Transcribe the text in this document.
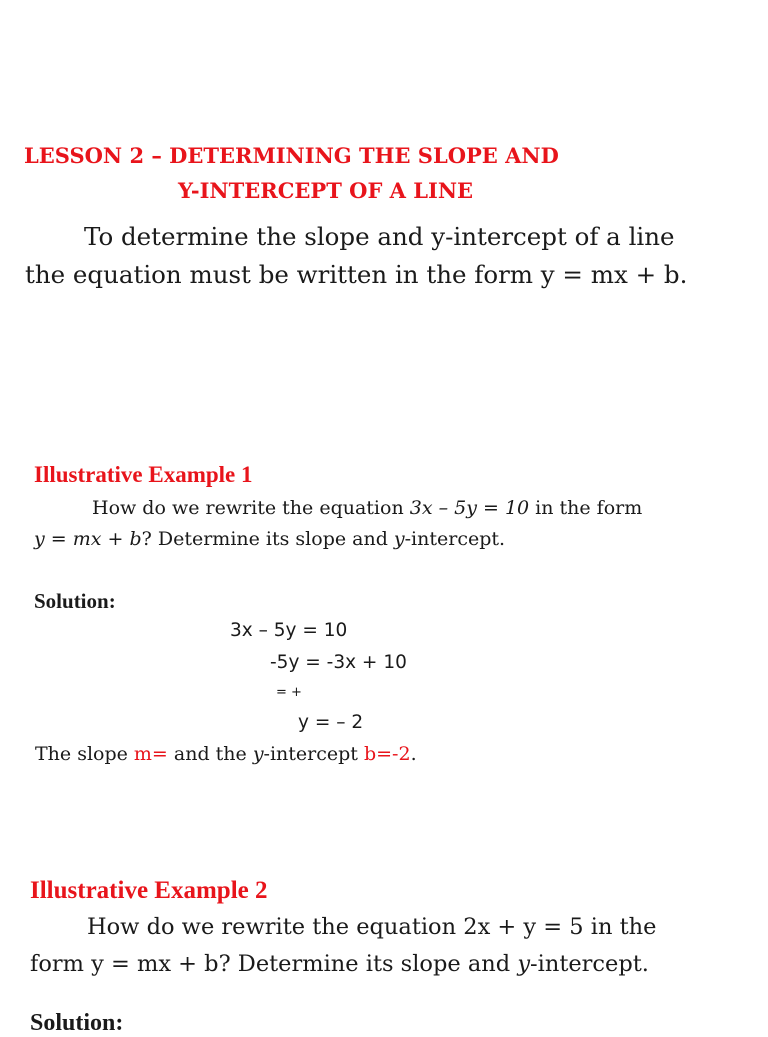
LESSON 2 – DETERMINING THE SLOPE AND
Y-INTERCEPT OF A LINE
To determine the slope and y-intercept of a line
the equation must be written in the form y = mx + b.
Illustrative Example 1
How do we rewrite the equation 3x – 5y = 10 in the form
y = mx + b? Determine its slope and y-intercept.
Solution:
3x – 5y = 10
-5y = -3x + 10
= +
y = – 2
The slope m= and the y-intercept b=-2.
Illustrative Example 2
How do we rewrite the equation 2x + y = 5 in the
form y = mx + b? Determine its slope and y-intercept.
Solution:
